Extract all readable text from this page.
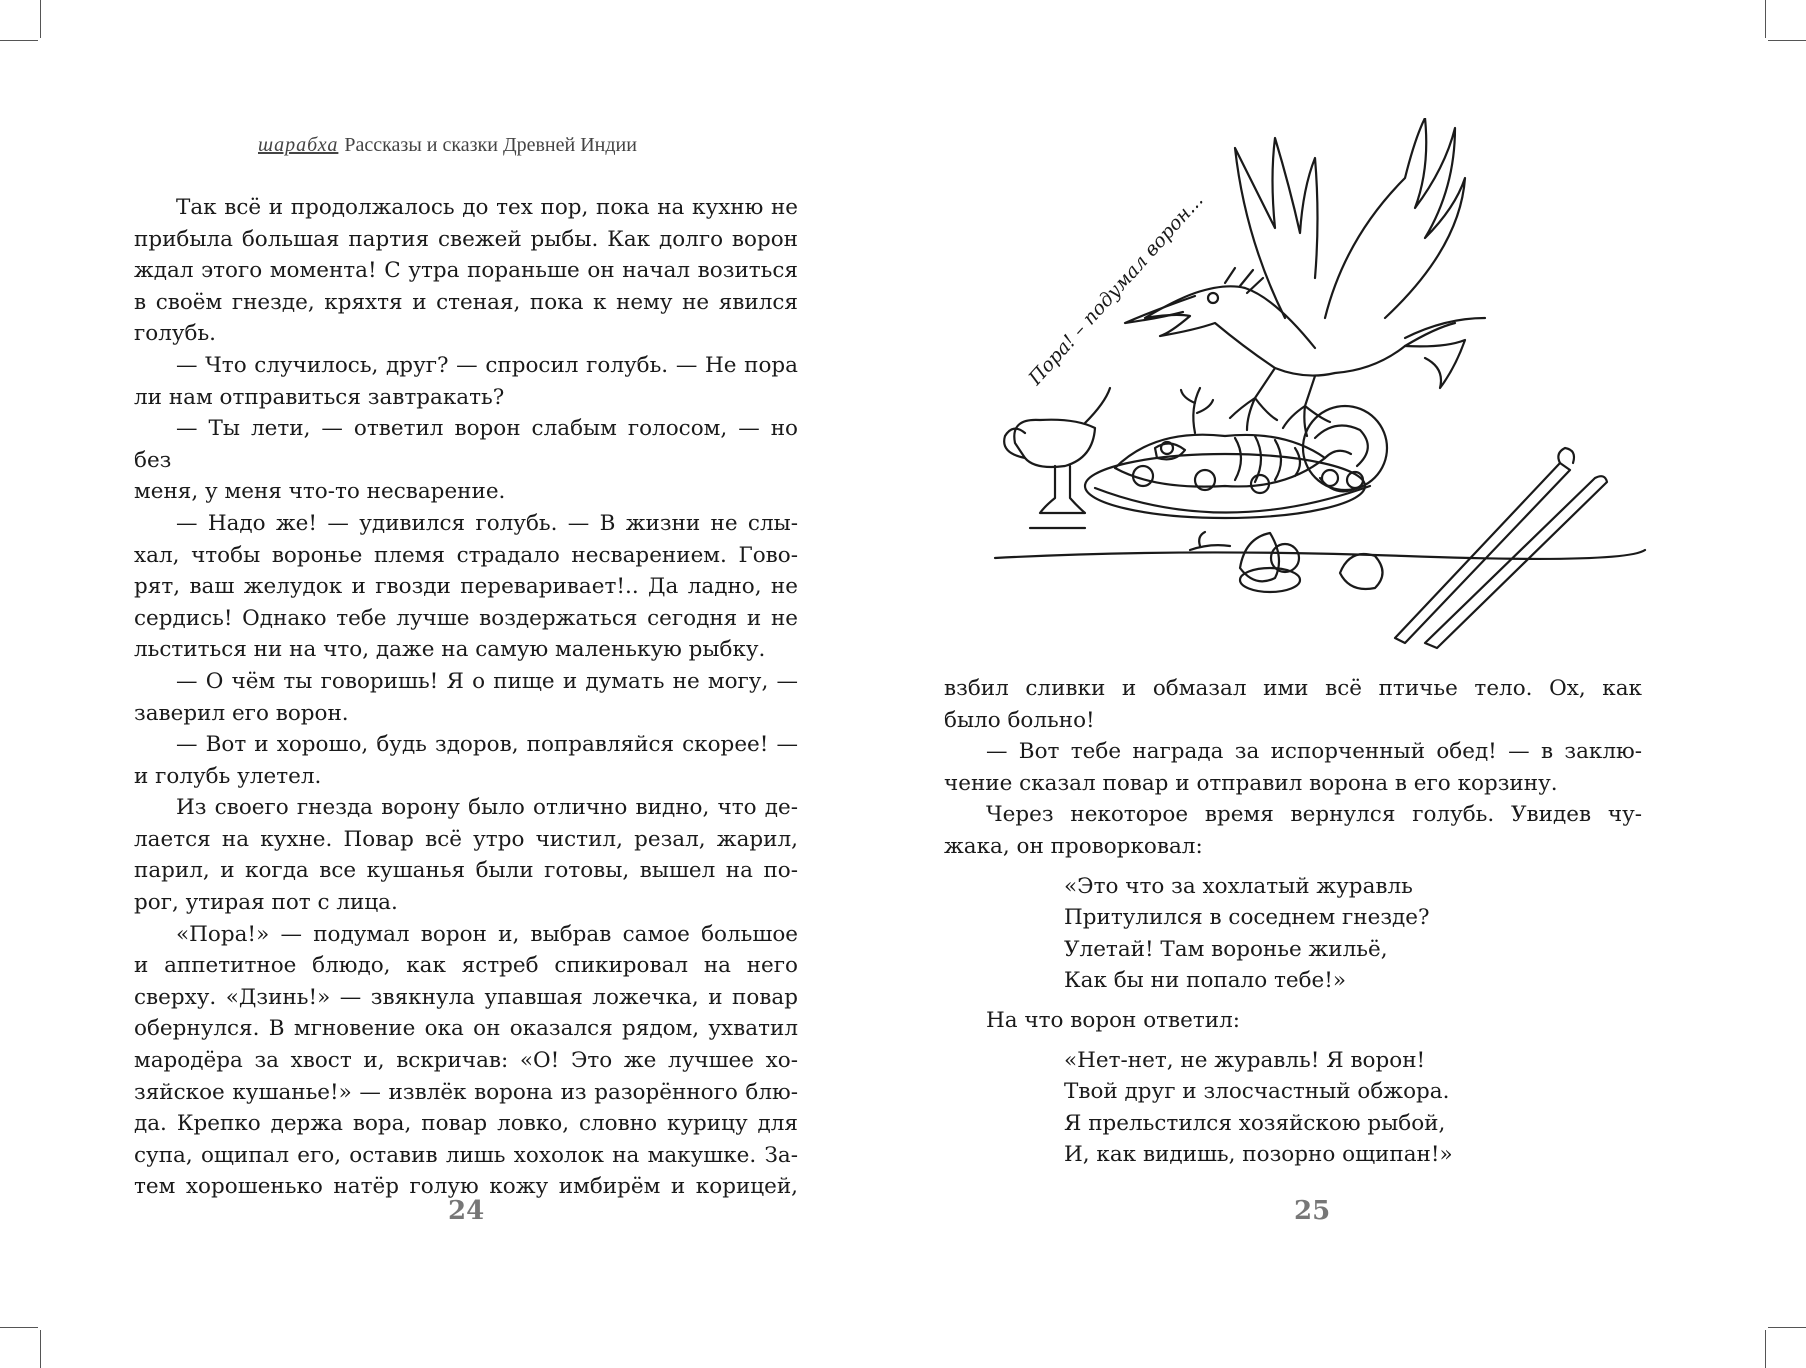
шарабха Рассказы и сказки Древней Индии

Так всё и продолжалось до тех пор, пока на кухню не

прибыла большая партия свежей рыбы. Как долго ворон

ждал этого момента! С утра пораньше он начал возиться

в своём гнезде, кряхтя и стеная, пока к нему не явился

голубь.

— Что случилось, друг? — спросил голубь. — Не пора

ли нам отправиться завтракать?

— Ты лети, — ответил ворон слабым голосом, — но без

меня, у меня что-то несварение.

— Надо же! — удивился голубь. — В жизни не слы-

хал, чтобы воронье племя страдало несварением. Гово-

рят, ваш желудок и гвозди переваривает!.. Да ладно, не

сердись! Однако тебе лучше воздержаться сегодня и не

льститься ни на что, даже на самую маленькую рыбку.

— О чём ты говоришь! Я о пище и думать не могу, —

заверил его ворон.

— Вот и хорошо, будь здоров, поправляйся скорее! —

и голубь улетел.

Из своего гнезда ворону было отлично видно, что де-

лается на кухне. Повар всё утро чистил, резал, жарил,

парил, и когда все кушанья были готовы, вышел на по-

рог, утирая пот с лица.

«Пора!» — подумал ворон и, выбрав самое большое

и аппетитное блюдо, как ястреб спикировал на него

сверху. «Дзинь!» — звякнула упавшая ложечка, и повар

обернулся. В мгновение ока он оказался рядом, ухватил

мародёра за хвост и, вскричав: «О! Это же лучшее хо-

зяйское кушанье!» — извлёк ворона из разорённого блю-

да. Крепко держа вора, повар ловко, словно курицу для

супа, ощипал его, оставив лишь хохолок на макушке. За-

тем хорошенько натёр голую кожу имбирём и корицей,

24
Пора! – подумал ворон...

взбил сливки и обмазал ими всё птичье тело. Ох, как

было больно!

— Вот тебе награда за испорченный обед! — в заклю-

чение сказал повар и отправил ворона в его корзину.

Через некоторое время вернулся голубь. Увидев чу-

жака, он проворковал:

«Это что за хохлатый журавль
Притулился в соседнем гнезде?
Улетай! Там воронье жильё,
Как бы ни попало тебе!»

На что ворон ответил:

«Нет-нет, не журавль! Я ворон!
Твой друг и злосчастный обжора.
Я прельстился хозяйскою рыбой,
И, как видишь, позорно ощипан!»
25
